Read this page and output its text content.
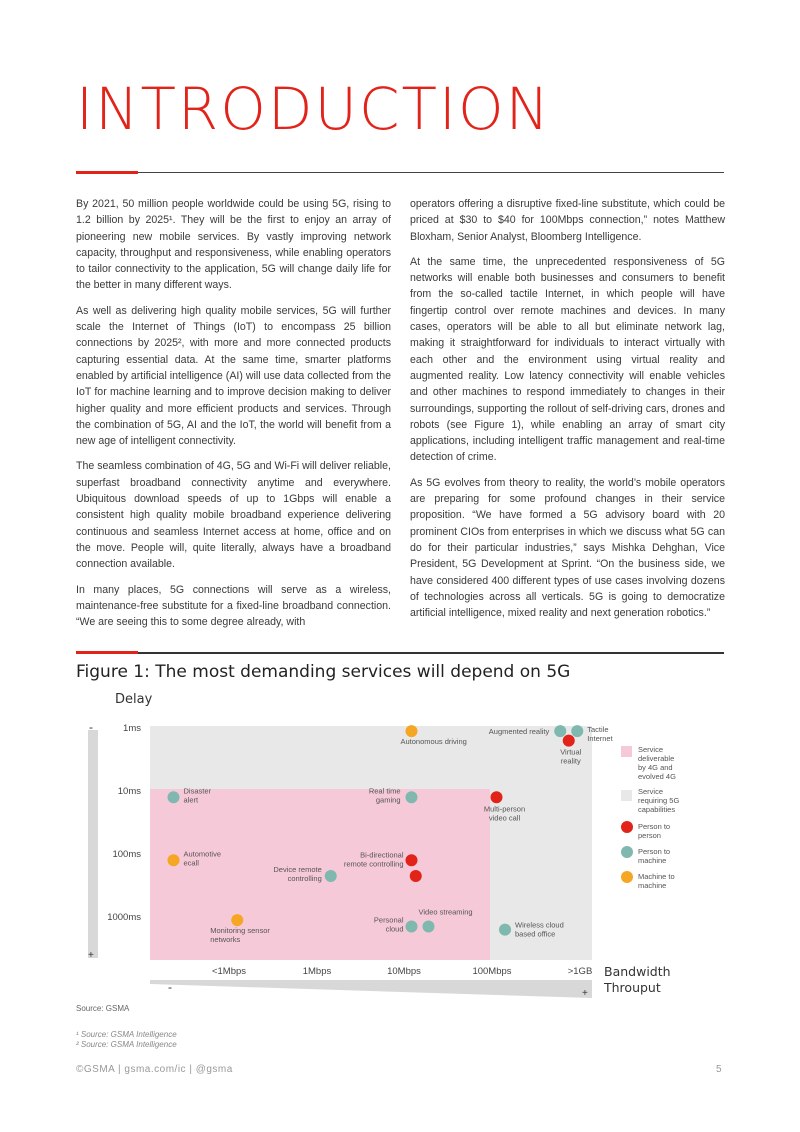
INTRODUCTION

By 2021, 50 million people worldwide could be using 5G, rising to 1.2 billion by 2025¹. They will be the first to enjoy an array of pioneering new mobile services. By vastly improving network capacity, throughput and responsiveness, while enabling operators to tailor connectivity to the application, 5G will change daily life for the better in many different ways.

As well as delivering high quality mobile services, 5G will further scale the Internet of Things (IoT) to encompass 25 billion connections by 2025², with more and more connected products capturing essential data. At the same time, smarter platforms enabled by artificial intelligence (AI) will use data collected from the IoT for machine learning and to improve decision making to deliver higher quality and more efficient products and services. Through the combination of 5G, AI and the IoT, the world will benefit from a new age of intelligent connectivity.

The seamless combination of 4G, 5G and Wi-Fi will deliver reliable, superfast broadband connectivity anytime and everywhere. Ubiquitous download speeds of up to 1Gbps will enable a consistent high quality mobile broadband experience delivering continuous and seamless Internet access at home, office and on the move. People will, quite literally, always have a broadband connection available.

In many places, 5G connections will serve as a wireless, maintenance-free substitute for a fixed-line broadband connection. “We are seeing this to some degree already, with

operators offering a disruptive fixed-line substitute, which could be priced at $30 to $40 for 100Mbps connection,” notes Matthew Bloxham, Senior Analyst, Bloomberg Intelligence.

At the same time, the unprecedented responsiveness of 5G networks will enable both businesses and consumers to benefit from the so-called tactile Internet, in which people will have fingertip control over remote machines and devices. In many cases, operators will be able to all but eliminate network lag, making it straightforward for individuals to interact virtually with each other and the environment using virtual reality and augmented reality. Low latency connectivity will enable vehicles and other machines to respond immediately to changes in their surroundings, supporting the rollout of self-driving cars, drones and robots (see Figure 1), while enabling an array of smart city applications, including intelligent traffic management and real-time detection of crime.

As 5G evolves from theory to reality, the world’s mobile operators are preparing for some profound changes in their service proposition. “We have formed a 5G advisory board with 20 prominent CIOs from enterprises in which we discuss what 5G can do for their particular industries,” says Mishka Dehghan, Vice President, 5G Development at Sprint. “On the business side, we have considered 400 different types of use cases involving dozens of technologies across all verticals. 5G is going to democratize artificial intelligence, mixed reality and next generation robotics.”

Figure 1: The most demanding services will depend on 5G
Delay
Bandwidth
Throuput
-
+
-	+
1ms
10ms
100ms
1000ms
<1Mbps	1Mbps	10Mbps	100Mbps	>1GB
Virtual reality
Multi-person video call
Bi-directional remote controlling
Augmented reality	Tactile Internet
Disaster alert
Real time gaming
Device remote controlling
Personal cloud
Video streaming
Wireless cloud based office
Autonomous driving
Automotive ecall
Monitoring sensor networks
Service deliverable by 4G and evolved 4G
Service requiring 5G capabilities
Person to person
Person to machine
Machine to machine
Source: GSMA
¹ Source: GSMA Intelligence
² Source: GSMA Intelligence
©GSMA | gsma.com/ic | @gsma	5
